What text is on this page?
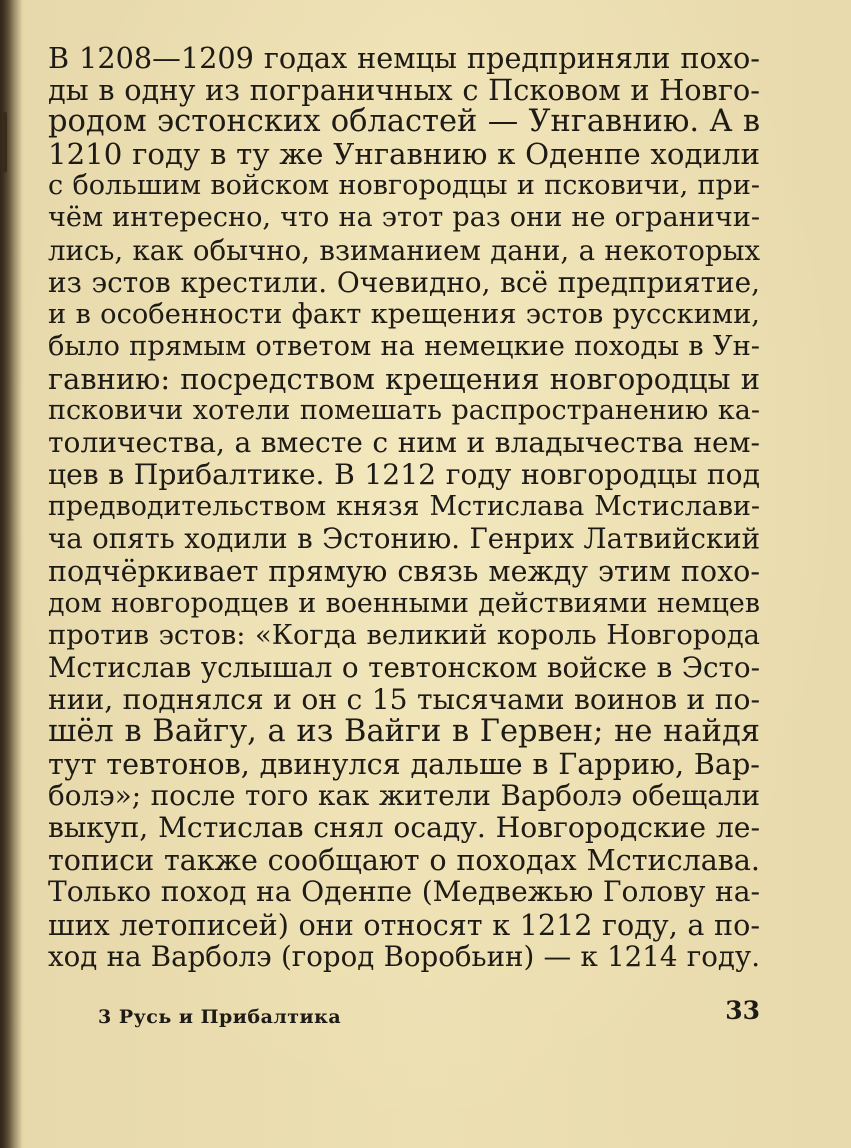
В 1208—1209 годах немцы предприняли похо-
ды в одну из пограничных с Псковом и Новго-
родом эстонских областей — Унгавнию. А в
1210 году в ту же Унгавнию к Оденпе ходили
с большим войском новгородцы и псковичи, при-
чём интересно, что на этот раз они не ограничи-
лись, как обычно, взиманием дани, а некоторых
из эстов крестили. Очевидно, всё предприятие,
и в особенности факт крещения эстов русскими,
было прямым ответом на немецкие походы в Ун-
гавнию: посредством крещения новгородцы и
псковичи хотели помешать распространению ка-
толичества, а вместе с ним и владычества нем-
цев в Прибалтике. В 1212 году новгородцы под
предводительством князя Мстислава Мстислави-
ча опять ходили в Эстонию. Генрих Латвийский
подчёркивает прямую связь между этим похо-
дом новгородцев и военными действиями немцев
против эстов: «Когда великий король Новгорода
Мстислав услышал о тевтонском войске в Эсто-
нии, поднялся и он с 15 тысячами воинов и по-
шёл в Вайгу, а из Вайги в Гервен; не найдя
тут тевтонов, двинулся дальше в Гаррию, Вар-
болэ»; после того как жители Варболэ обещали
выкуп, Мстислав снял осаду. Новгородские ле-
тописи также сообщают о походах Мстислава.
Только поход на Оденпе (Медвежью Голову на-
ших летописей) они относят к 1212 году, а по-
ход на Варболэ (город Воробьин) — к 1214 году.
3 Русь и Прибалтика	33
